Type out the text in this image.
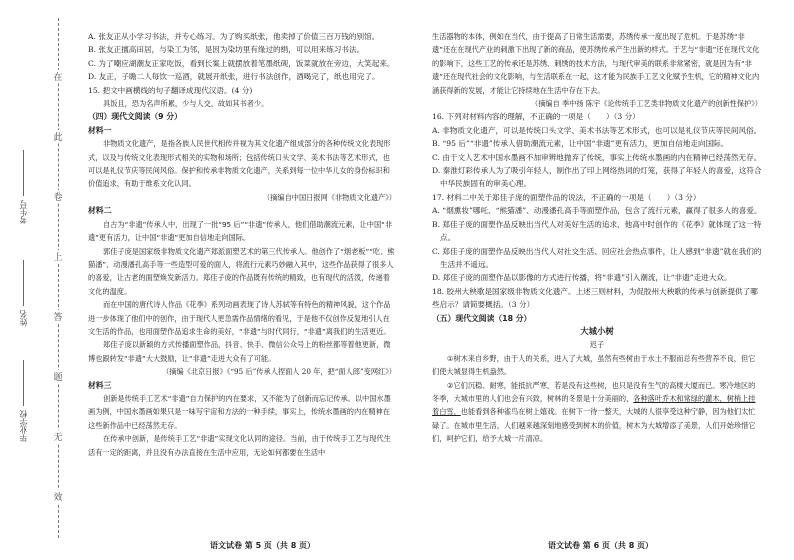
在
此
卷
上
答
题
无
效
考生号
姓名
毕业学校

A. 张友正从小学习书法，并专心练习。为了购买纸张，他卖掉了价值三百万钱的别馆。

B. 张友正擅高田居，与染工为邻，是因为染坊里有缘过的绢，可以用来练习书法。

C. 为了嘲应湖潮友正家吃饭，看到长案上就摆放着笔墨纸砚，饭菜就放在旁边，大笑起来。

D. 友正，子瞻二人每饮一巡酒，就展开纸张，进行书法创作，酒喝完了，纸也用完了。

15. 把文中画横线的句子翻译成现代汉语。(4 分)

具饭且，恐为名声所累，少与人交，故如其书者少。

（四）现代文阅读（9 分）

材料一

非物质文化遗产，是指各族人民世代相传并视为其文化遗产组成部分的各种传统文化表现形式，以及与传统文化表现形式相关的实物和场所；包括传统口头文学、美术书法等艺术形式，也可以是礼仪节庆等民间风俗。保护和传承非物质文化遗产，关系到每一位中华儿女的身份标识和价值追求，有助于维系文化认同。

（摘编自中国日报网《非物质文化遗产》）

材料二

自古为“非遗”传承人中，出现了一批“95 后”“非遗”传承人，他们借助潮流元素，让中国“非遗”更有活力，让中国“非遗”更加自信地走向国际。

郭佳子庞是国家级非物质文化遗产郑派面塑艺术的第三代传承人。他创作了“烟老板”“吃、熊猫潘”、动漫潘孔高手等一些造型可爱的面人，将流行元素巧妙融入其中，这些作品获得了很多人的喜爱，让古老的面塑焕发新活力。郑佳子庞的作品既有传统的精致，也有现代的活泼，传递着文化的温度。

而在中国的唐代诗人作品《花季》系列动画表现了诗人苏轼等有特色的精神风貌，这个作品进一步体现了他们中的创作，由于现代人更急需作品情绪的看见，于是他不仅创作反复地引人在文生活的作品，也用面塑作品追求生命的美好，“非遗”与时代同行，“非遗”离我们的生活更近。

郑佳子庞以新颖的方式传播面塑作品，抖音、快手、微信公众号上的粉丝都等着他更新，微博也跟转发“非遗”大大鼓励，让“非遗”走进大众有了可能。

（摘编《北京日报》《“95 后”传承人捏面人 20 年，把“面人郎”变网红》）

材料三

创新是传统手工艺术“非遗”自力保护的内在要求，又不能为了创新而忘记传承。以中国水墨画为例，中国水墨画如果只是一味写宇宙和方法的一种手续，事实上，传统水墨画的内在精神在这些新作品中已经荡然无存。

在传承中创新，是传统手工艺“非遗”实现文化认同的途径。当前，由于传统手工艺与现代生活有一定的距离，并且没有办法直接在生活中应用，无论如何都要在生活中

生活器物的本体，例如在当代，由于提高了日常生活需要，苏绣传承一度出现了危机。于是苏绣“非遗”还在在现代产业的刺激下出现了新的商品，使苏绣传承产生出新的样式。于艺与“非遗”还在现代文化的影响下，这些工艺的传承还是苏绣、刺绣的技术方法，与现代审美的联系非常紧密，就是因为有“非遗”还在现代社会的文化影响，与生活联系在一起，这才能为民族手工艺文化赋予生机，它的精神文化内涵获得新的发展，才能让它持续地在生活中存在下去。

（摘编自 季中扬 陈宇《论传统手工艺类非物质文化遗产的创新性保护》）

16. 下列对材料内容的理解，不正确的一项是（　　）（3 分）

A. 非物质文化遗产，可以是传统口头文学、美术书法等艺术形式，也可以是礼仪节庆等民间风俗。

B. “95 后”“非遗”传承人借助潮流元素，让中国“非遗”更有活力，更加自信地走向国际。

C. 由于文人艺术中国水墨画不加审辨地抛弃了传统，事实上传统水墨画的内在精神已经荡然无存。

D. 秦淮灯彩传承人为了吸引年轻人，制作出了印上网络热词的灯笼，获得了年轻人的喜爱，这符合中华民族固有的审美心理。

17. 材料二中关于郑佳子庞的面塑作品的说法，不正确的一项是（　　）（3 分）

A. “烟熏妆”哪吒、“熊猫潘”、动漫潘孔高手等面塑作品，包含了流行元素，赢得了很多人的喜爱。

B. 郑佳子庞的面塑作品反映出当代人对美好生活的追求，他高中时创作的《花季》就体现了这一特点。

C. 郑佳子庞的面塑作品反映出当代人对社交生活、回应社会热点事件，让人感到“非遗”就在我们的生活并不遥远。

D. 郑佳子庞的面塑作品以影像的方式进行传播，将“非遗”引入潮流，让“非遗”走进大众。

18. 胶州大秧歌是国家级非物质文化遗产。上述三则材料，为促胶州大秧歌的传承与创新提供了哪些启示？请简要概括。（3 分）

（五）现代文阅读（18 分）

大城小树

迟子

①树木来自乡野，由于人的关系，进入了大城，虽然有些树由于水土不服而总有些营养不良，但它们使大城显得生机盎然。

②它们沉稳、耐寒，能抵抗严寒，若是没有这些树，也只是没有生气的高楼大厦而已。寒冷地区的冬季，大城市里的人们也会有兴致，树林的冬景是十分美丽的，各种落叶乔木和常绿的灌木，树梢上挂着白雪，也能看到各种雀鸟在树上嬉戏。在树下一待一整天，大城的人很享受这种宁静，因为他们太忙碌了。在城市里生活，人们越来越深刻地感受到树木的价值，树木为大城增添了美景，人们开始珍惜它们，呵护它们，给予大城一片清凉。

语文试卷 第 5 页（共 8 页）	语文试卷 第 6 页（共 8 页）
